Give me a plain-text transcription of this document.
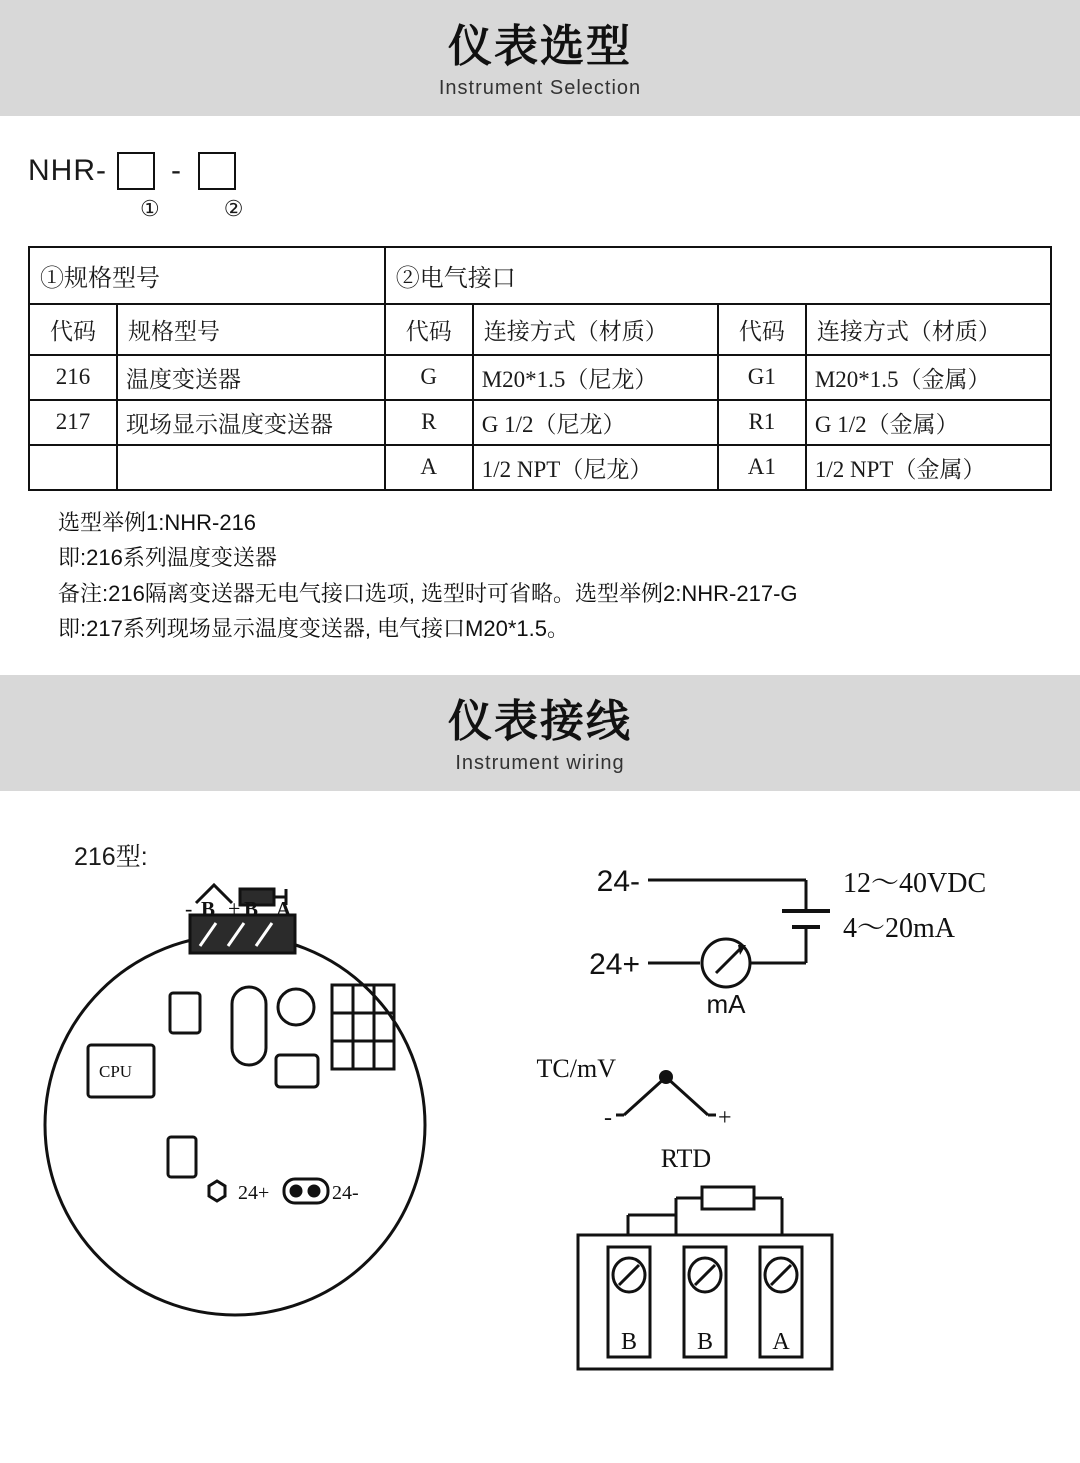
仪表选型
Instrument Selection
NHR- -
①	②
①规格型号		②电气接口			
代码	规格型号	代码	连接方式（材质）	代码	连接方式（材质）
216	温度变送器	G	M20*1.5（尼龙）	G1	M20*1.5（金属）
217	现场显示温度变送器	R	G 1/2（尼龙）	R1	G 1/2（金属）
		A	1/2 NPT（尼龙）	A1	1/2 NPT（金属）
选型举例1:NHR-216
即:216系列温度变送器
备注:216隔离变送器无电气接口选项, 选型时可省略。选型举例2:NHR-217-G
即:217系列现场显示温度变送器, 电气接口M20*1.5。
仪表接线
Instrument wiring
216型:
CPU
- B + B A
24+	24-
TC/mV
-	+
RTD
B B A
12～40VDC
4～20mA
24-
24+
mA
